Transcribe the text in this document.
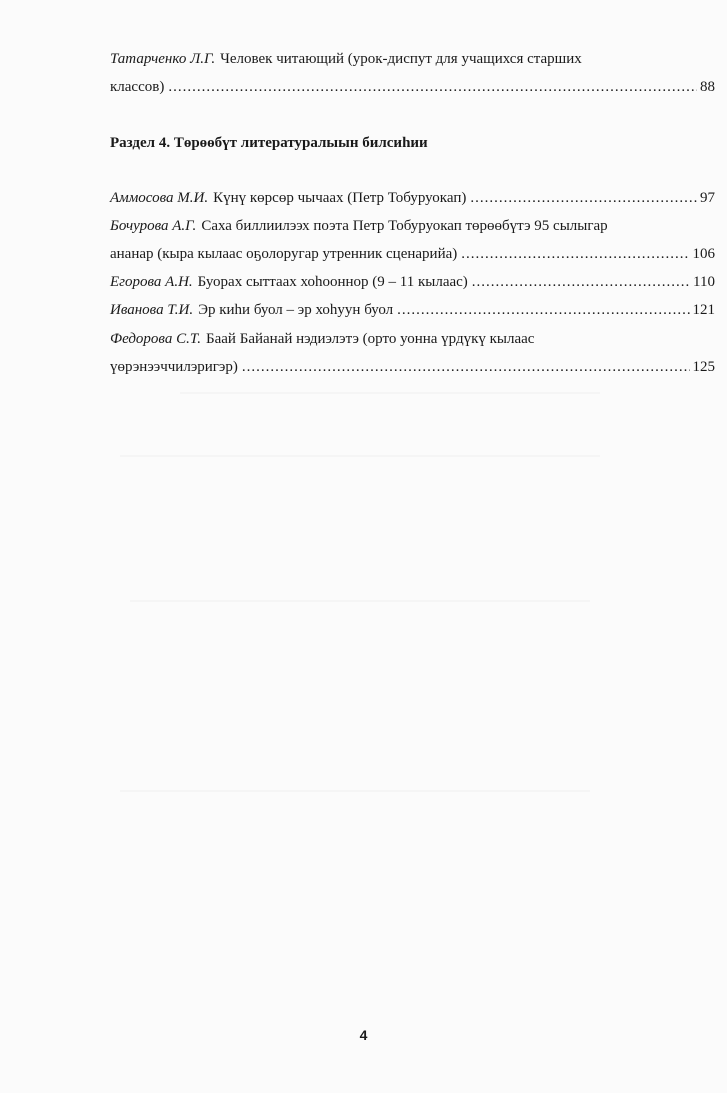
Татарченко Л.Г. Человек читающий (урок-диспут для учащихся старших
классов) .....	88
Раздел 4. Төрөөбүт литературалыын билсиһии
Аммосова М.И. Күнү көрсөр чычаах (Петр Тобуруокап) .....	97
Бочурова А.Г. Саха биллиилээх поэта Петр Тобуруокап төрөөбүтэ 95 сылыгар
ананар (кыра кылаас оҕолоругар утренник сценарийа) .....	106
Егорова А.Н. Буорах сыттаах хоһооннор (9 – 11 кылаас) .....	110
Иванова Т.И. Эр киһи буол – эр хоһуун буол .....	121
Федорова С.Т. Баай Байанай нэдиэлэтэ (орто уонна үрдүкү кылаас
үөрэнээччилэригэр) .....	125
4
